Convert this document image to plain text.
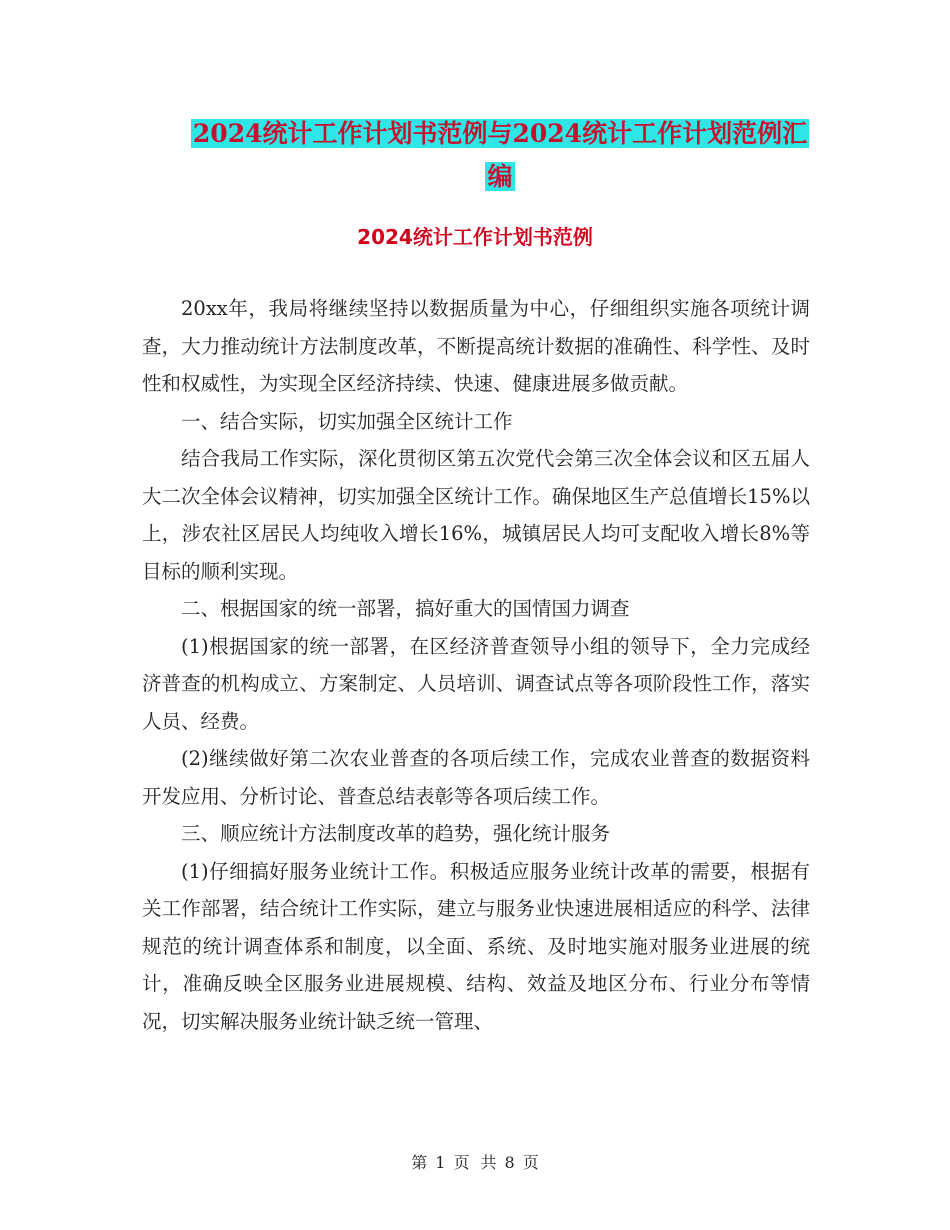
2024统计工作计划书范例与2024统计工作计划范例汇
编
2024统计工作计划书范例

20xx年，我局将继续坚持以数据质量为中心，仔细组织实施各项统计调查，大力推动统计方法制度改革，不断提高统计数据的准确性、科学性、及时性和权威性，为实现全区经济持续、快速、健康进展多做贡献。

一、结合实际，切实加强全区统计工作

结合我局工作实际，深化贯彻区第五次党代会第三次全体会议和区五届人大二次全体会议精神，切实加强全区统计工作。确保地区生产总值增长15%以上，涉农社区居民人均纯收入增长16%，城镇居民人均可支配收入增长8%等目标的顺利实现。

二、根据国家的统一部署，搞好重大的国情国力调查

(1)根据国家的统一部署，在区经济普查领导小组的领导下，全力完成经济普查的机构成立、方案制定、人员培训、调查试点等各项阶段性工作，落实人员、经费。

(2)继续做好第二次农业普查的各项后续工作，完成农业普查的数据资料开发应用、分析讨论、普查总结表彰等各项后续工作。

三、顺应统计方法制度改革的趋势，强化统计服务

(1)仔细搞好服务业统计工作。积极适应服务业统计改革的需要，根据有关工作部署，结合统计工作实际，建立与服务业快速进展相适应的科学、法律规范的统计调查体系和制度，以全面、系统、及时地实施对服务业进展的统计，准确反映全区服务业进展规模、结构、效益及地区分布、行业分布等情况，切实解决服务业统计缺乏统一管理、

第 1 页 共 8 页
